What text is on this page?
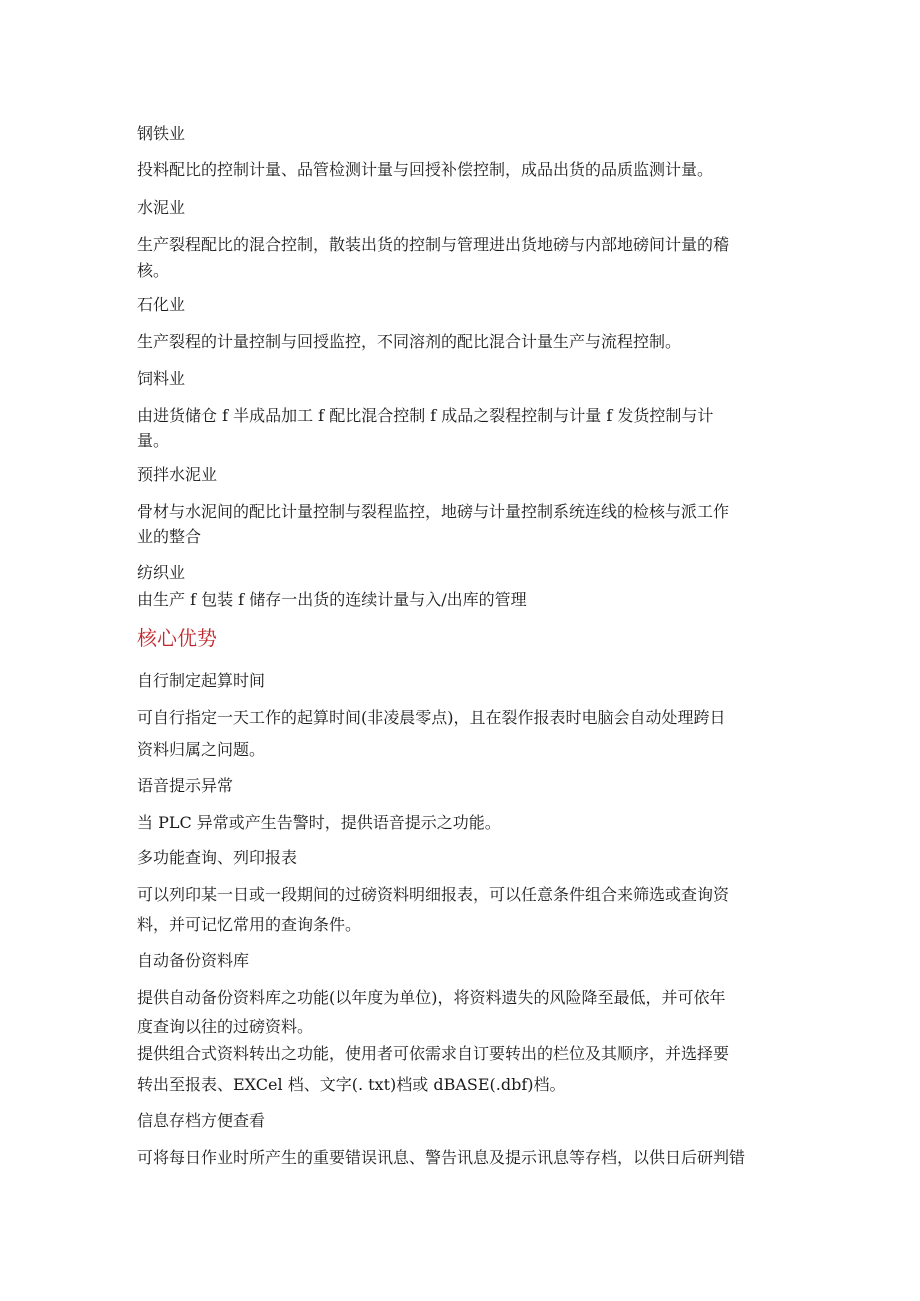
钢铁业
投料配比的控制计量、品管检测计量与回授补偿控制，成品出货的品质监测计量。
水泥业
生产裂程配比的混合控制，散装出货的控制与管理进出货地磅与内部地磅间计量的稽
核。
石化业
生产裂程的计量控制与回授监控，不同溶剂的配比混合计量生产与流程控制。
饲料业
由进货储仓 f 半成品加工 f 配比混合控制 f 成品之裂程控制与计量 f 发货控制与计
量。
预拌水泥业
骨材与水泥间的配比计量控制与裂程监控，地磅与计量控制系统连线的检核与派工作
业的整合
纺织业
由生产 f 包装 f 储存一出货的连续计量与入/出库的管理
核心优势
自行制定起算时间
可自行指定一天工作的起算时间(非凌晨零点)，且在裂作报表时电脑会自动处理跨日
资料归属之问题。
语音提示异常
当 PLC 异常或产生告警时，提供语音提示之功能。
多功能查询、列印报表
可以列印某一日或一段期间的过磅资料明细报表，可以任意条件组合来筛选或查询资
料，并可记忆常用的查询条件。
自动备份资料库
提供自动备份资料库之功能(以年度为单位)，将资料遗失的风险降至最低，并可依年
度查询以往的过磅资料。
提供组合式资料转出之功能，使用者可依需求自订要转出的栏位及其顺序，并选择要
转出至报表、EXCel 档、文字(. txt)档或 dBASE(.dbf)档。
信息存档方便查看
可将每日作业时所产生的重要错误讯息、警告讯息及提示讯息等存档，以供日后研判错
